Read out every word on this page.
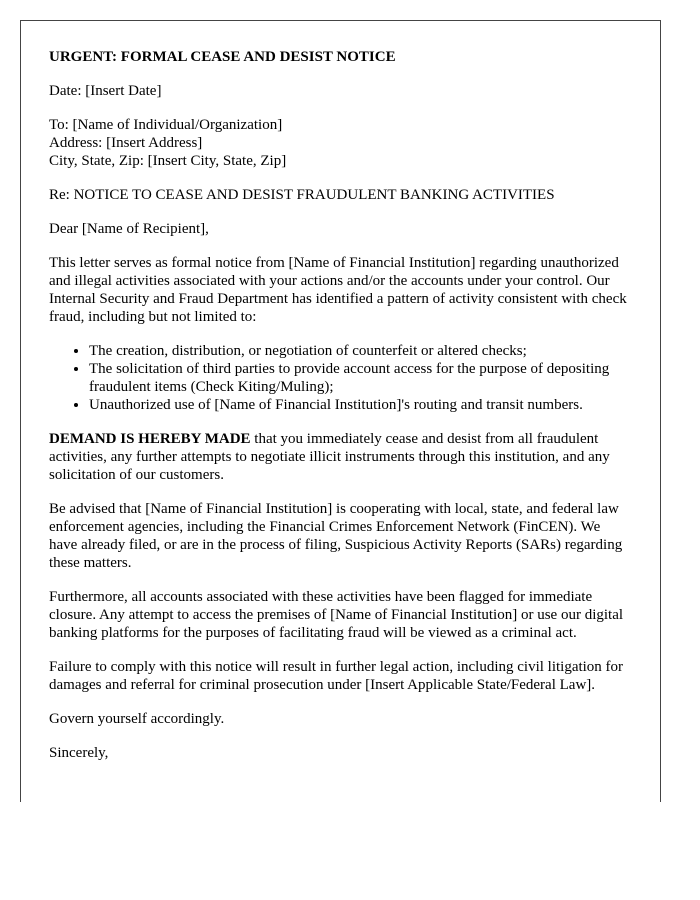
URGENT: FORMAL CEASE AND DESIST NOTICE

Date: [Insert Date]

To: [Name of Individual/Organization]
Address: [Insert Address]
City, State, Zip: [Insert City, State, Zip]

Re: NOTICE TO CEASE AND DESIST FRAUDULENT BANKING ACTIVITIES

Dear [Name of Recipient],

This letter serves as formal notice from [Name of Financial Institution] regarding unauthorized and illegal activities associated with your actions and/or the accounts under your control. Our Internal Security and Fraud Department has identified a pattern of activity consistent with check fraud, including but not limited to:

• The creation, distribution, or negotiation of counterfeit or altered checks;
• The solicitation of third parties to provide account access for the purpose of depositing fraudulent items (Check Kiting/Muling);
• Unauthorized use of [Name of Financial Institution]'s routing and transit numbers.

DEMAND IS HEREBY MADE that you immediately cease and desist from all fraudulent activities, any further attempts to negotiate illicit instruments through this institution, and any solicitation of our customers.

Be advised that [Name of Financial Institution] is cooperating with local, state, and federal law enforcement agencies, including the Financial Crimes Enforcement Network (FinCEN). We have already filed, or are in the process of filing, Suspicious Activity Reports (SARs) regarding these matters.

Furthermore, all accounts associated with these activities have been flagged for immediate closure. Any attempt to access the premises of [Name of Financial Institution] or use our digital banking platforms for the purposes of facilitating fraud will be viewed as a criminal act.

Failure to comply with this notice will result in further legal action, including civil litigation for damages and referral for criminal prosecution under [Insert Applicable State/Federal Law].

Govern yourself accordingly.

Sincerely,
